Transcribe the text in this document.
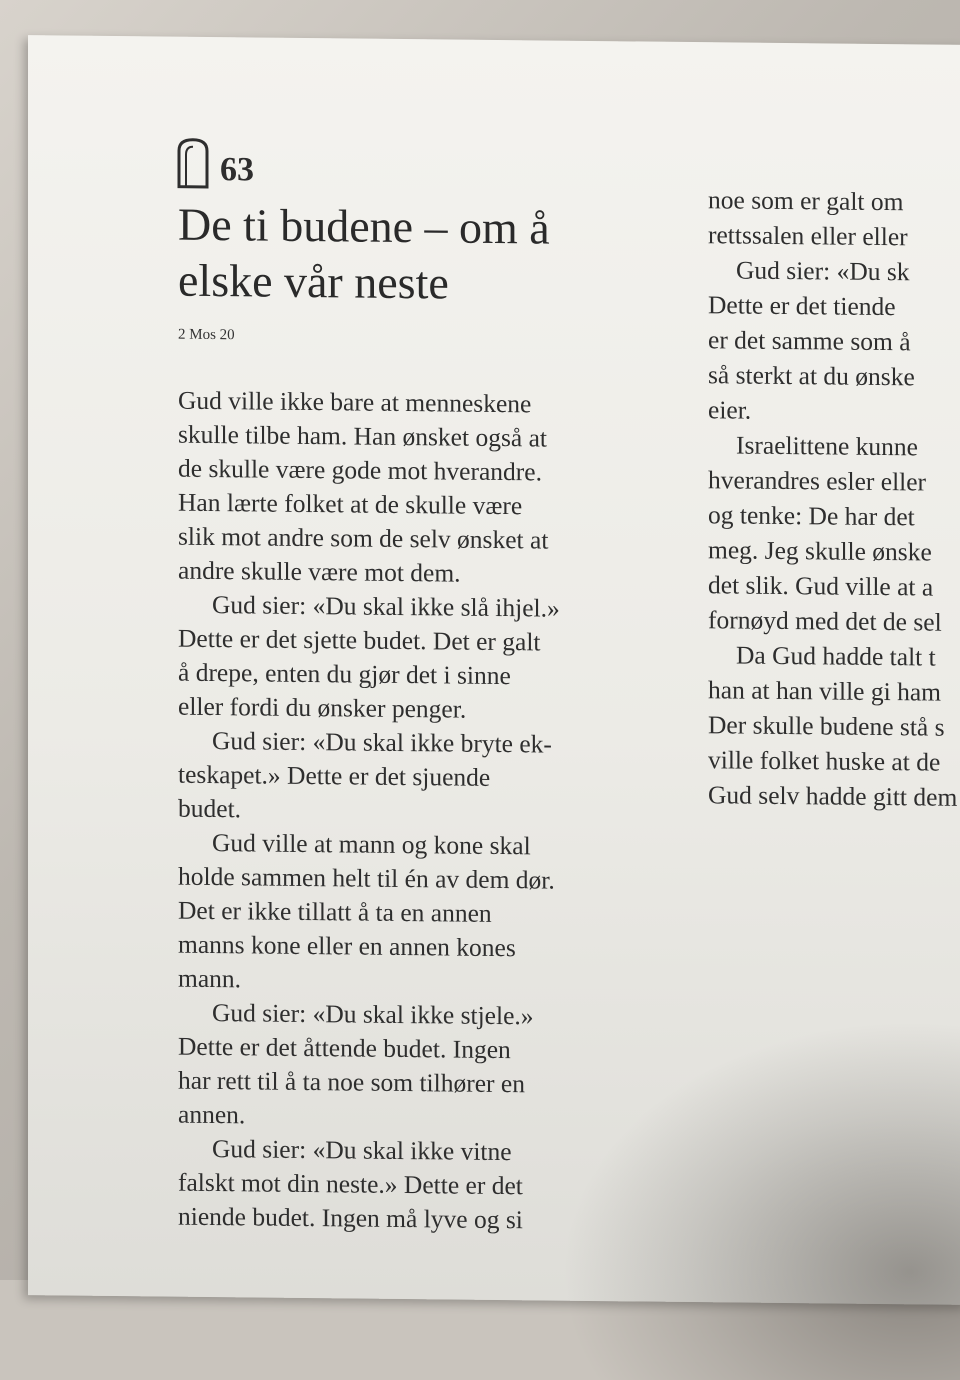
63
De ti budene – om å
elske vår neste
2 Mos 20

Gud ville ikke bare at menneskene
skulle tilbe ham. Han ønsket også at
de skulle være gode mot hverandre.
Han lærte folket at de skulle være
slik mot andre som de selv ønsket at
andre skulle være mot dem.

Gud sier: «Du skal ikke slå ihjel.»
Dette er det sjette budet. Det er galt
å drepe, enten du gjør det i sinne
eller fordi du ønsker penger.

Gud sier: «Du skal ikke bryte ek-
teskapet.» Dette er det sjuende
budet.

Gud ville at mann og kone skal
holde sammen helt til én av dem dør.
Det er ikke tillatt å ta en annen
manns kone eller en annen kones
mann.

Gud sier: «Du skal ikke stjele.»
Dette er det åttende budet. Ingen
har rett til å ta noe som tilhører en
annen.

Gud sier: «Du skal ikke vitne
falskt mot din neste.» Dette er det
niende budet. Ingen må lyve og si

noe som er galt om
rettssalen eller eller

Gud sier: «Du sk
Dette er det tiende
er det samme som å
så sterkt at du ønske
eier.

Israelittene kunne
hverandres esler eller
og tenke: De har det
meg. Jeg skulle ønske
det slik. Gud ville at a
fornøyd med det de sel

Da Gud hadde talt t
han at han ville gi ham
Der skulle budene stå s
ville folket huske at de
Gud selv hadde gitt dem
